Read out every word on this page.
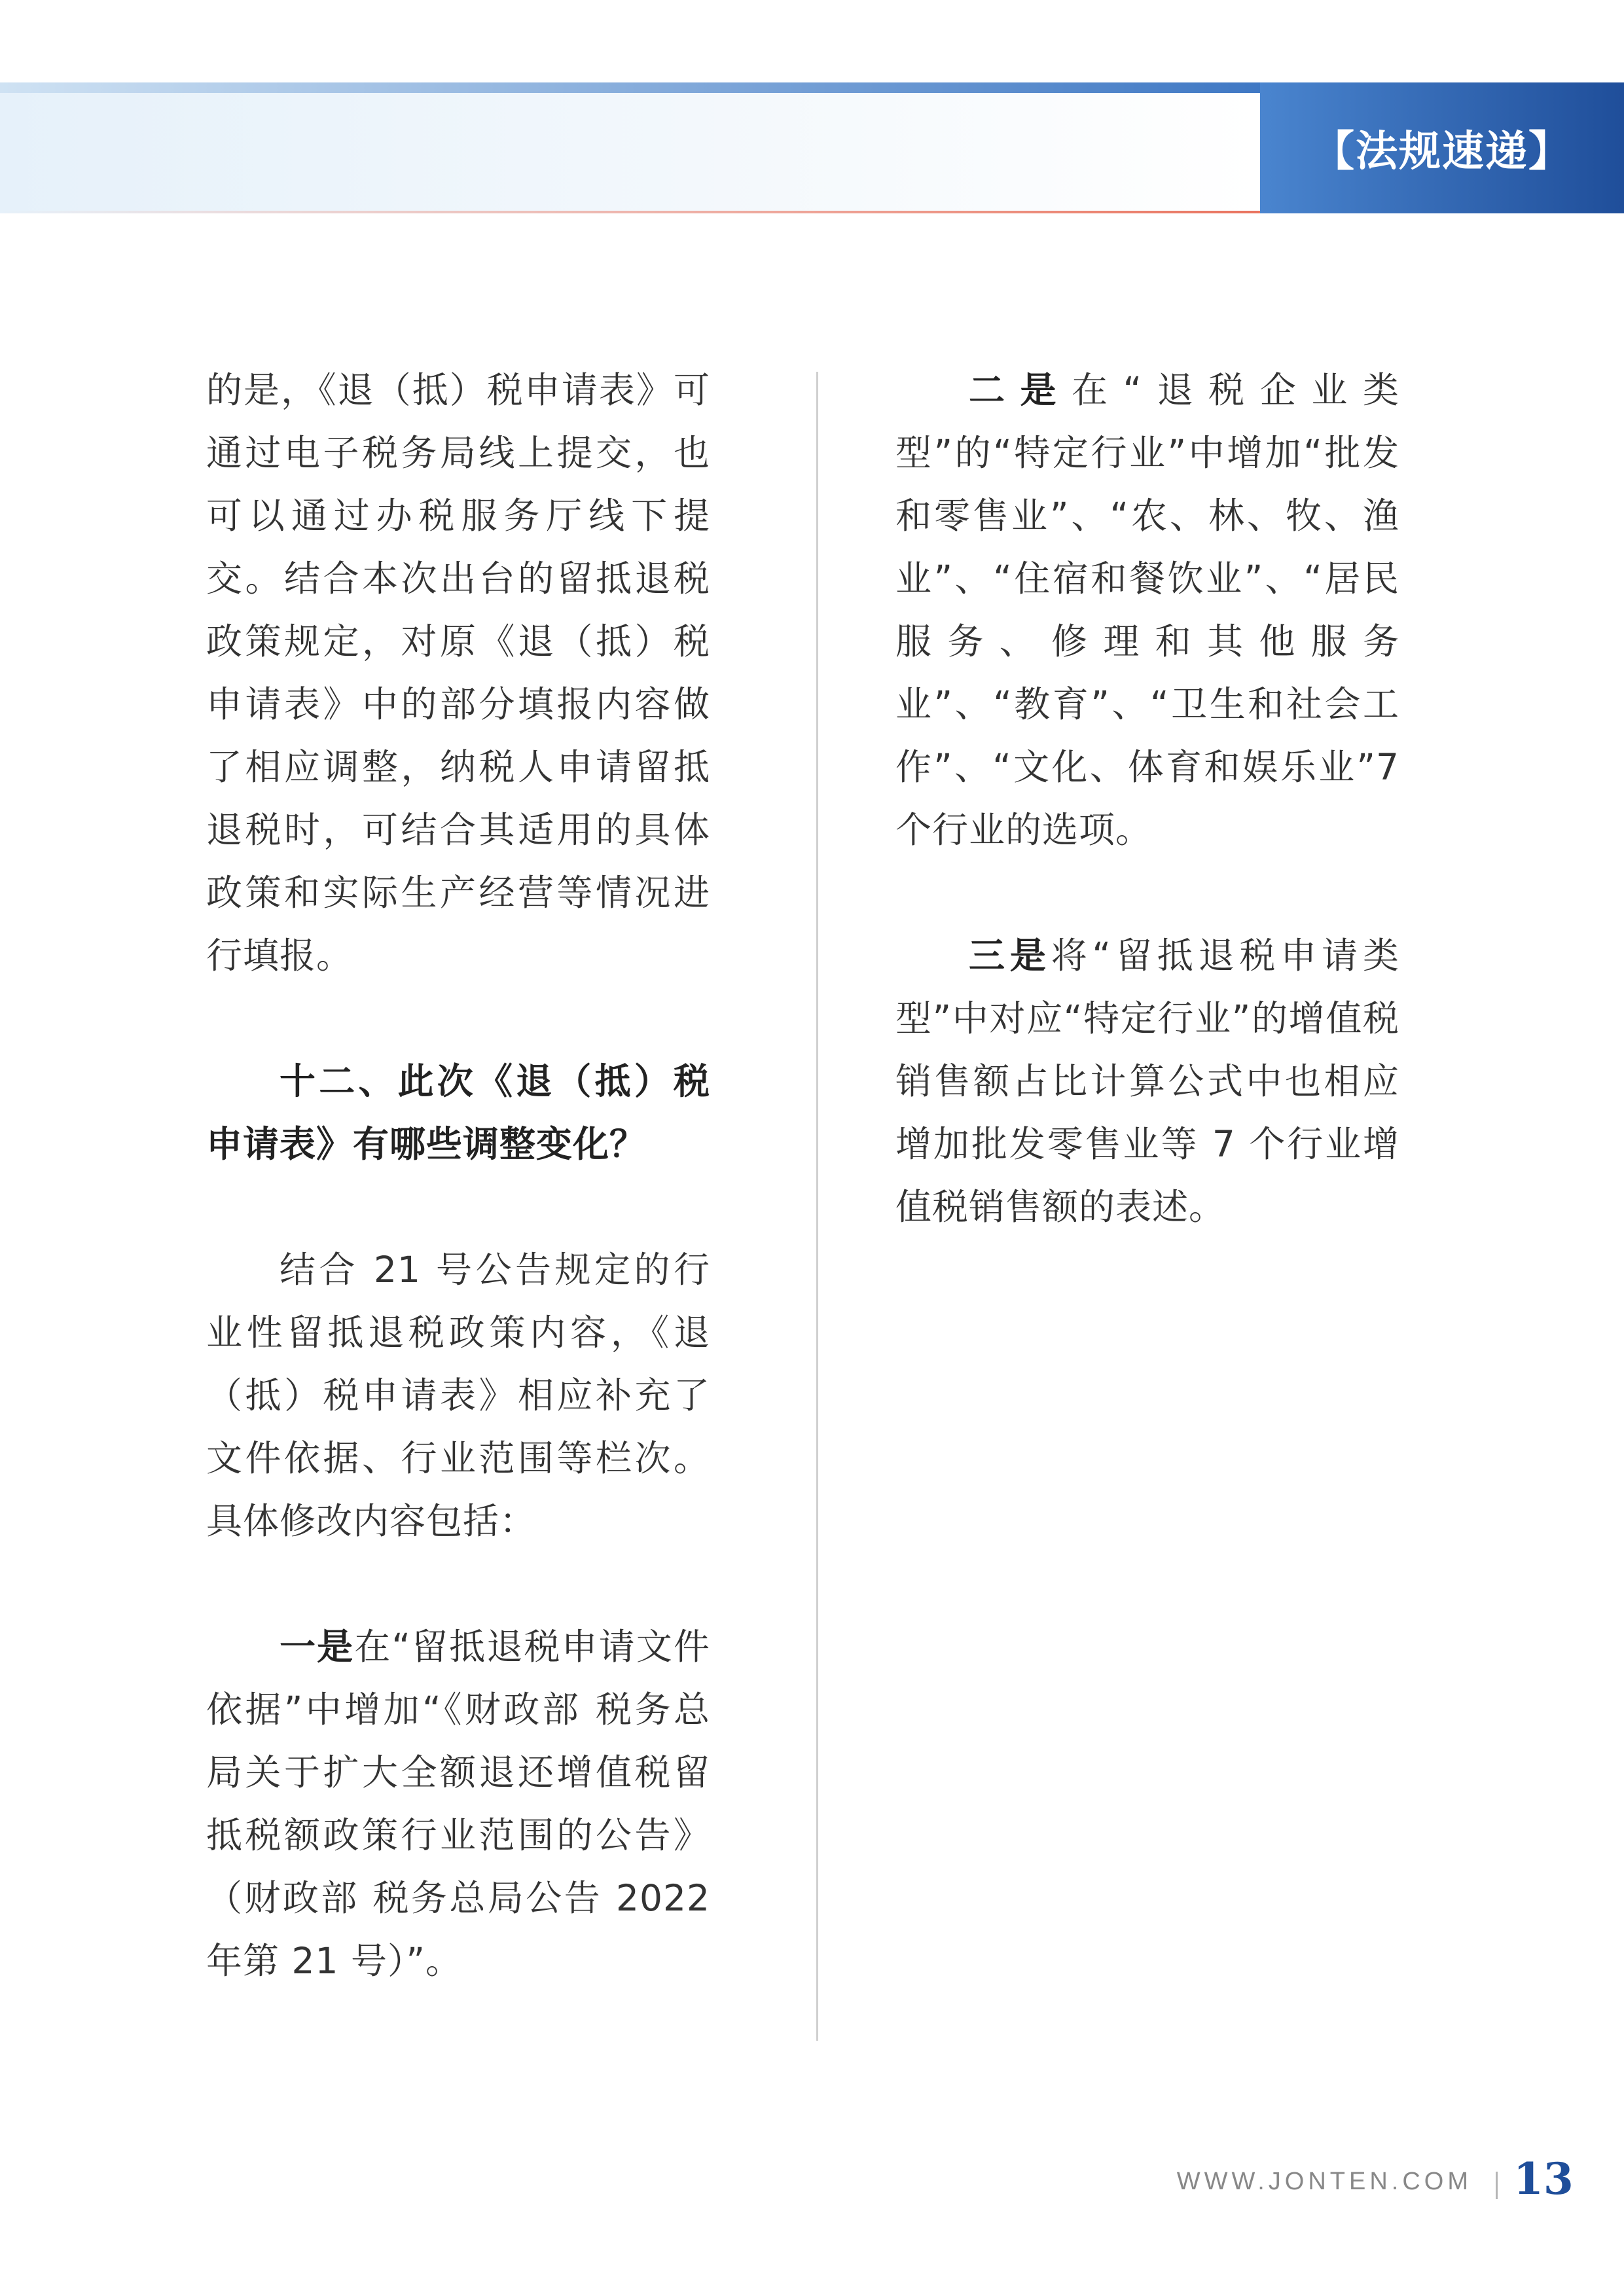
【法规速递】

的是，《退（抵）税申请表》可通过电子税务局线上提交，也可以通过办税服务厅线下提交。结合本次出台的留抵退税政策规定，对原《退（抵）税申请表》中的部分填报内容做了相应调整，纳税人申请留抵退税时，可结合其适用的具体政策和实际生产经营等情况进行填报。

十二、此次《退（抵）税申请表》有哪些调整变化？

结合 21 号公告规定的行业性留抵退税政策内容，《退（抵）税申请表》相应补充了文件依据、行业范围等栏次。具体修改内容包括：

一是在“留抵退税申请文件依据”中增加“《财政部 税务总局关于扩大全额退还增值税留抵税额政策行业范围的公告》（财政部 税务总局公告 2022 年第 21 号）”。

二是在“退税企业类型”的“特定行业”中增加“批发和零售业”、“农、林、牧、渔业”、“住宿和餐饮业”、“居民服务、修理和其他服务业”、“教育”、“卫生和社会工作”、“文化、体育和娱乐业”7 个行业的选项。

三是将“留抵退税申请类型”中对应“特定行业”的增值税销售额占比计算公式中也相应增加批发零售业等 7 个行业增值税销售额的表述。

WWW.JONTEN.COM 13
